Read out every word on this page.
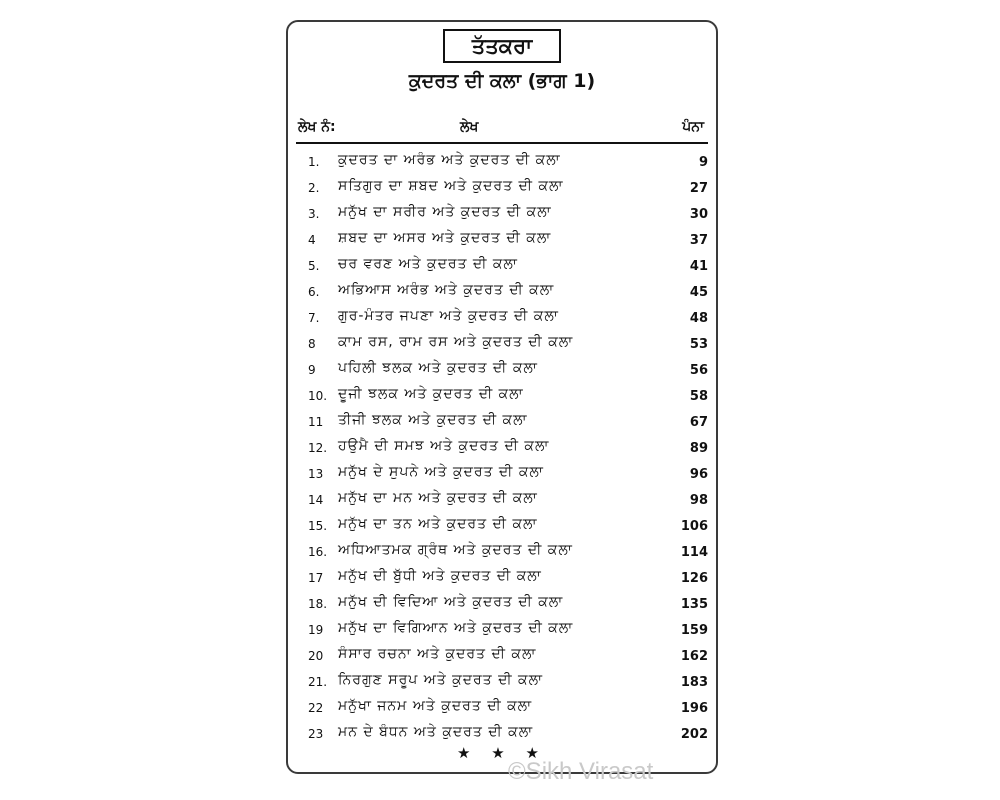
ਤੱਤਕਰਾ
ਕੁਦਰਤ ਦੀ ਕਲਾ (ਭਾਗ 1)
ਲੇਖ ਨੰ:	ਲੇਖ	ਪੰਨਾ
1. ਕੁਦਰਤ ਦਾ ਅਰੰਭ ਅਤੇ ਕੁਦਰਤ ਦੀ ਕਲਾ	9
2. ਸਤਿਗੁਰ ਦਾ ਸ਼ਬਦ ਅਤੇ ਕੁਦਰਤ ਦੀ ਕਲਾ	27
3. ਮਨੁੱਖ ਦਾ ਸਰੀਰ ਅਤੇ ਕੁਦਰਤ ਦੀ ਕਲਾ	30
4 ਸ਼ਬਦ ਦਾ ਅਸਰ ਅਤੇ ਕੁਦਰਤ ਦੀ ਕਲਾ	37
5. ਚਰ ਵਰਣ ਅਤੇ ਕੁਦਰਤ ਦੀ ਕਲਾ	41
6. ਅਭਿਆਸ ਅਰੰਭ ਅਤੇ ਕੁਦਰਤ ਦੀ ਕਲਾ	45
7. ਗੁਰ-ਮੰਤਰ ਜਪਣਾ ਅਤੇ ਕੁਦਰਤ ਦੀ ਕਲਾ	48
8 ਕਾਮ ਰਸ, ਰਾਮ ਰਸ ਅਤੇ ਕੁਦਰਤ ਦੀ ਕਲਾ	53
9 ਪਹਿਲੀ ਝਲਕ ਅਤੇ ਕੁਦਰਤ ਦੀ ਕਲਾ	56
10. ਦੂਜੀ ਝਲਕ ਅਤੇ ਕੁਦਰਤ ਦੀ ਕਲਾ	58
11 ਤੀਜੀ ਝਲਕ ਅਤੇ ਕੁਦਰਤ ਦੀ ਕਲਾ	67
12. ਹਉਮੈ ਦੀ ਸਮਝ ਅਤੇ ਕੁਦਰਤ ਦੀ ਕਲਾ	89
13 ਮਨੁੱਖ ਦੇ ਸੁਪਨੇ ਅਤੇ ਕੁਦਰਤ ਦੀ ਕਲਾ	96
14 ਮਨੁੱਖ ਦਾ ਮਨ ਅਤੇ ਕੁਦਰਤ ਦੀ ਕਲਾ	98
15. ਮਨੁੱਖ ਦਾ ਤਨ ਅਤੇ ਕੁਦਰਤ ਦੀ ਕਲਾ	106
16. ਅਧਿਆਤਮਕ ਗ੍ਰੰਥ ਅਤੇ ਕੁਦਰਤ ਦੀ ਕਲਾ	114
17 ਮਨੁੱਖ ਦੀ ਬੁੱਧੀ ਅਤੇ ਕੁਦਰਤ ਦੀ ਕਲਾ	126
18. ਮਨੁੱਖ ਦੀ ਵਿਦਿਆ ਅਤੇ ਕੁਦਰਤ ਦੀ ਕਲਾ	135
19 ਮਨੁੱਖ ਦਾ ਵਿਗਿਆਨ ਅਤੇ ਕੁਦਰਤ ਦੀ ਕਲਾ	159
20 ਸੰਸਾਰ ਰਚਨਾ ਅਤੇ ਕੁਦਰਤ ਦੀ ਕਲਾ	162
21. ਨਿਰਗੁਣ ਸਰੂਪ ਅਤੇ ਕੁਦਰਤ ਦੀ ਕਲਾ	183
22 ਮਨੁੱਖਾ ਜਨਮ ਅਤੇ ਕੁਦਰਤ ਦੀ ਕਲਾ	196
23 ਮਨ ਦੇ ਬੰਧਨ ਅਤੇ ਕੁਦਰਤ ਦੀ ਕਲਾ	202
★ ★ ★
©Sikh Virasat
